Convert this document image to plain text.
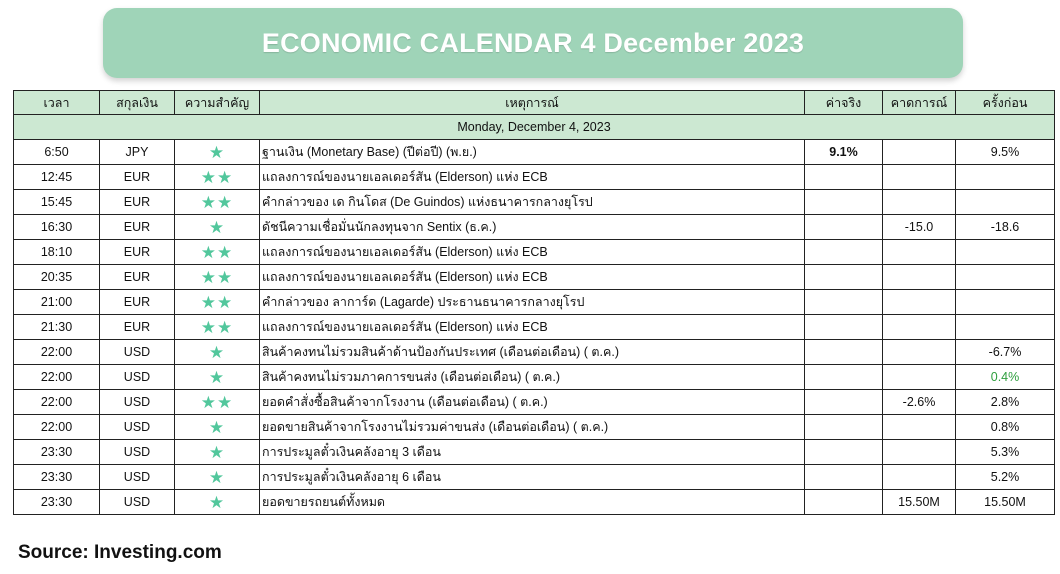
ECONOMIC CALENDAR 4 December 2023
เวลา	สกุลเงิน	ความสำคัญ	เหตุการณ์	ค่าจริง	คาดการณ์	ครั้งก่อน
Monday, December 4, 2023						
6:50	JPY	★	ฐานเงิน (Monetary Base) (ปีต่อปี) (พ.ย.)	9.1%		9.5%
12:45	EUR	★★	แถลงการณ์ของนายเอลเดอร์สัน (Elderson) แห่ง ECB			
15:45	EUR	★★	คำกล่าวของ เด กินโดส (De Guindos) แห่งธนาคารกลางยุโรป			
16:30	EUR	★	ดัชนีความเชื่อมั่นนักลงทุนจาก Sentix (ธ.ค.)		-15.0	-18.6
18:10	EUR	★★	แถลงการณ์ของนายเอลเดอร์สัน (Elderson) แห่ง ECB			
20:35	EUR	★★	แถลงการณ์ของนายเอลเดอร์สัน (Elderson) แห่ง ECB			
21:00	EUR	★★	คำกล่าวของ ลาการ์ด (Lagarde) ประธานธนาคารกลางยุโรป			
21:30	EUR	★★	แถลงการณ์ของนายเอลเดอร์สัน (Elderson) แห่ง ECB			
22:00	USD	★	สินค้าคงทนไม่รวมสินค้าด้านป้องกันประเทศ (เดือนต่อเดือน) ( ต.ค.)			-6.7%
22:00	USD	★	สินค้าคงทนไม่รวมภาคการขนส่ง (เดือนต่อเดือน) ( ต.ค.)			0.4%
22:00	USD	★★	ยอดคำสั่งซื้อสินค้าจากโรงงาน (เดือนต่อเดือน) ( ต.ค.)		-2.6%	2.8%
22:00	USD	★	ยอดขายสินค้าจากโรงงานไม่รวมค่าขนส่ง (เดือนต่อเดือน) ( ต.ค.)			0.8%
23:30	USD	★	การประมูลตั๋วเงินคลังอายุ 3 เดือน			5.3%
23:30	USD	★	การประมูลตั๋วเงินคลังอายุ 6 เดือน			5.2%
23:30	USD	★	ยอดขายรถยนต์ทั้งหมด		15.50M	15.50M
Source: Investing.com
